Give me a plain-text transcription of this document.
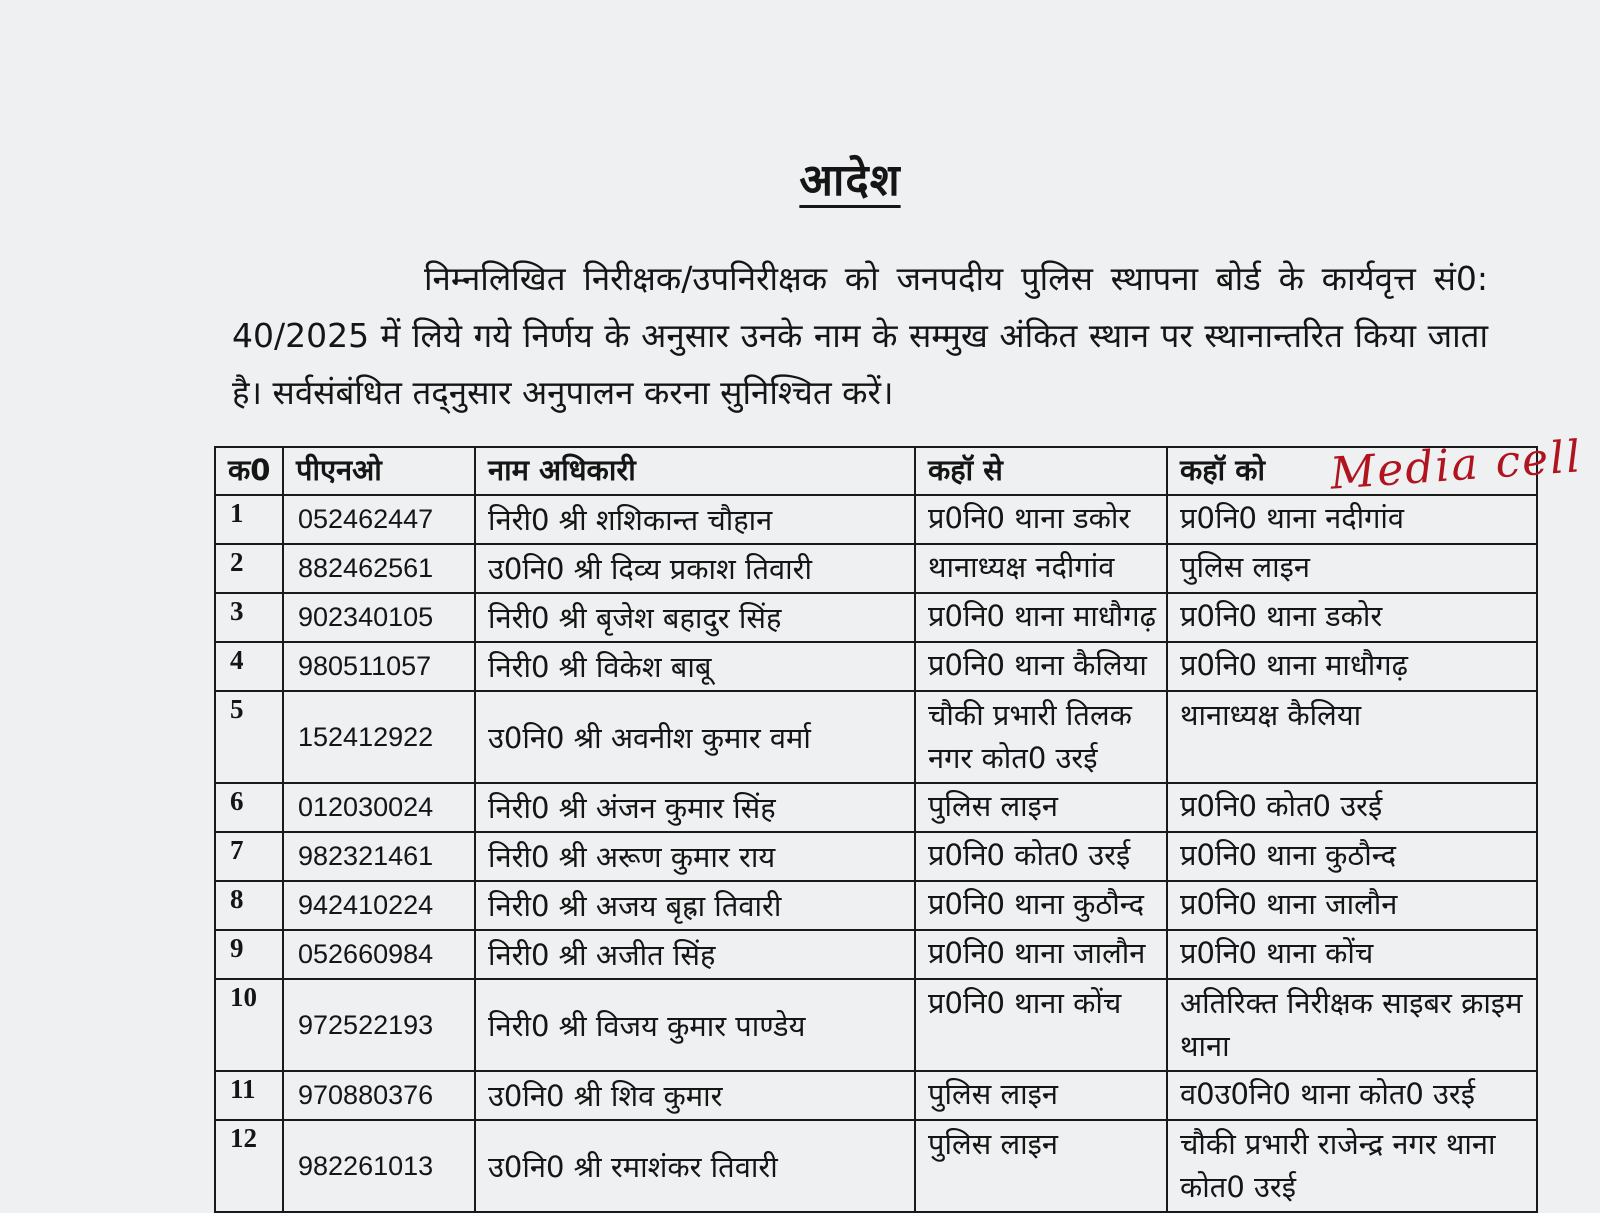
आदेश
निम्नलिखित निरीक्षक/उपनिरीक्षक को जनपदीय पुलिस स्थापना बोर्ड के कार्यवृत्त सं0: 40/2025 में लिये गये निर्णय के अनुसार उनके नाम के सम्मुख अंकित स्थान पर स्थानान्तरित किया जाता है। सर्वसंबंधित तद्नुसार अनुपालन करना सुनिश्चित करें।
क0	पीएनओ	नाम अधिकारी	कहॉ से	कहॉ को
1	052462447	निरी0 श्री शशिकान्त चौहान	प्र0नि0 थाना डकोर	प्र0नि0 थाना नदीगांव
2	882462561	उ0नि0 श्री दिव्य प्रकाश तिवारी	थानाध्यक्ष नदीगांव	पुलिस लाइन
3	902340105	निरी0 श्री बृजेश बहादुर सिंह	प्र0नि0 थाना माधौगढ़	प्र0नि0 थाना डकोर
4	980511057	निरी0 श्री विकेश बाबू	प्र0नि0 थाना कैलिया	प्र0नि0 थाना माधौगढ़
5	152412922	उ0नि0 श्री अवनीश कुमार वर्मा	चौकी प्रभारी तिलक नगर कोत0 उरई	थानाध्यक्ष कैलिया
6	012030024	निरी0 श्री अंजन कुमार सिंह	पुलिस लाइन	प्र0नि0 कोत0 उरई
7	982321461	निरी0 श्री अरूण कुमार राय	प्र0नि0 कोत0 उरई	प्र0नि0 थाना कुठौन्द
8	942410224	निरी0 श्री अजय बृह्रा तिवारी	प्र0नि0 थाना कुठौन्द	प्र0नि0 थाना जालौन
9	052660984	निरी0 श्री अजीत सिंह	प्र0नि0 थाना जालौन	प्र0नि0 थाना कोंच
10	972522193	निरी0 श्री विजय कुमार पाण्डेय	प्र0नि0 थाना कोंच	अतिरिक्त निरीक्षक साइबर क्राइम थाना
11	970880376	उ0नि0 श्री शिव कुमार	पुलिस लाइन	व0उ0नि0 थाना कोत0 उरई
12	982261013	उ0नि0 श्री रमाशंकर तिवारी	पुलिस लाइन	चौकी प्रभारी राजेन्द्र नगर थाना कोत0 उरई
Media cell
